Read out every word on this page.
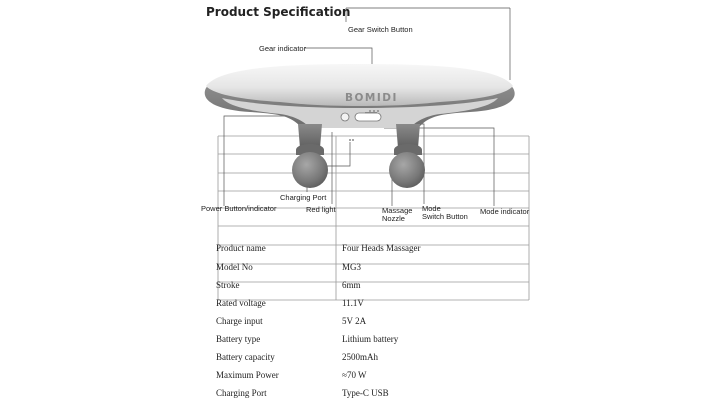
Product Specification
BOMIDI
Gear Switch Button
Gear indicator
Charging Port
Power Button/indicator	Red light	Massage
Nozzle
Mode
Switch Button
Mode indicator
Product name	Four Heads Massager
Model No	MG3
Stroke	6mm
Rated voltage	11.1V
Charge input	5V 2A
Battery type	Lithium battery
Battery capacity	2500mAh
Maximum Power	≈70 W
Charging Port	Type-C USB
